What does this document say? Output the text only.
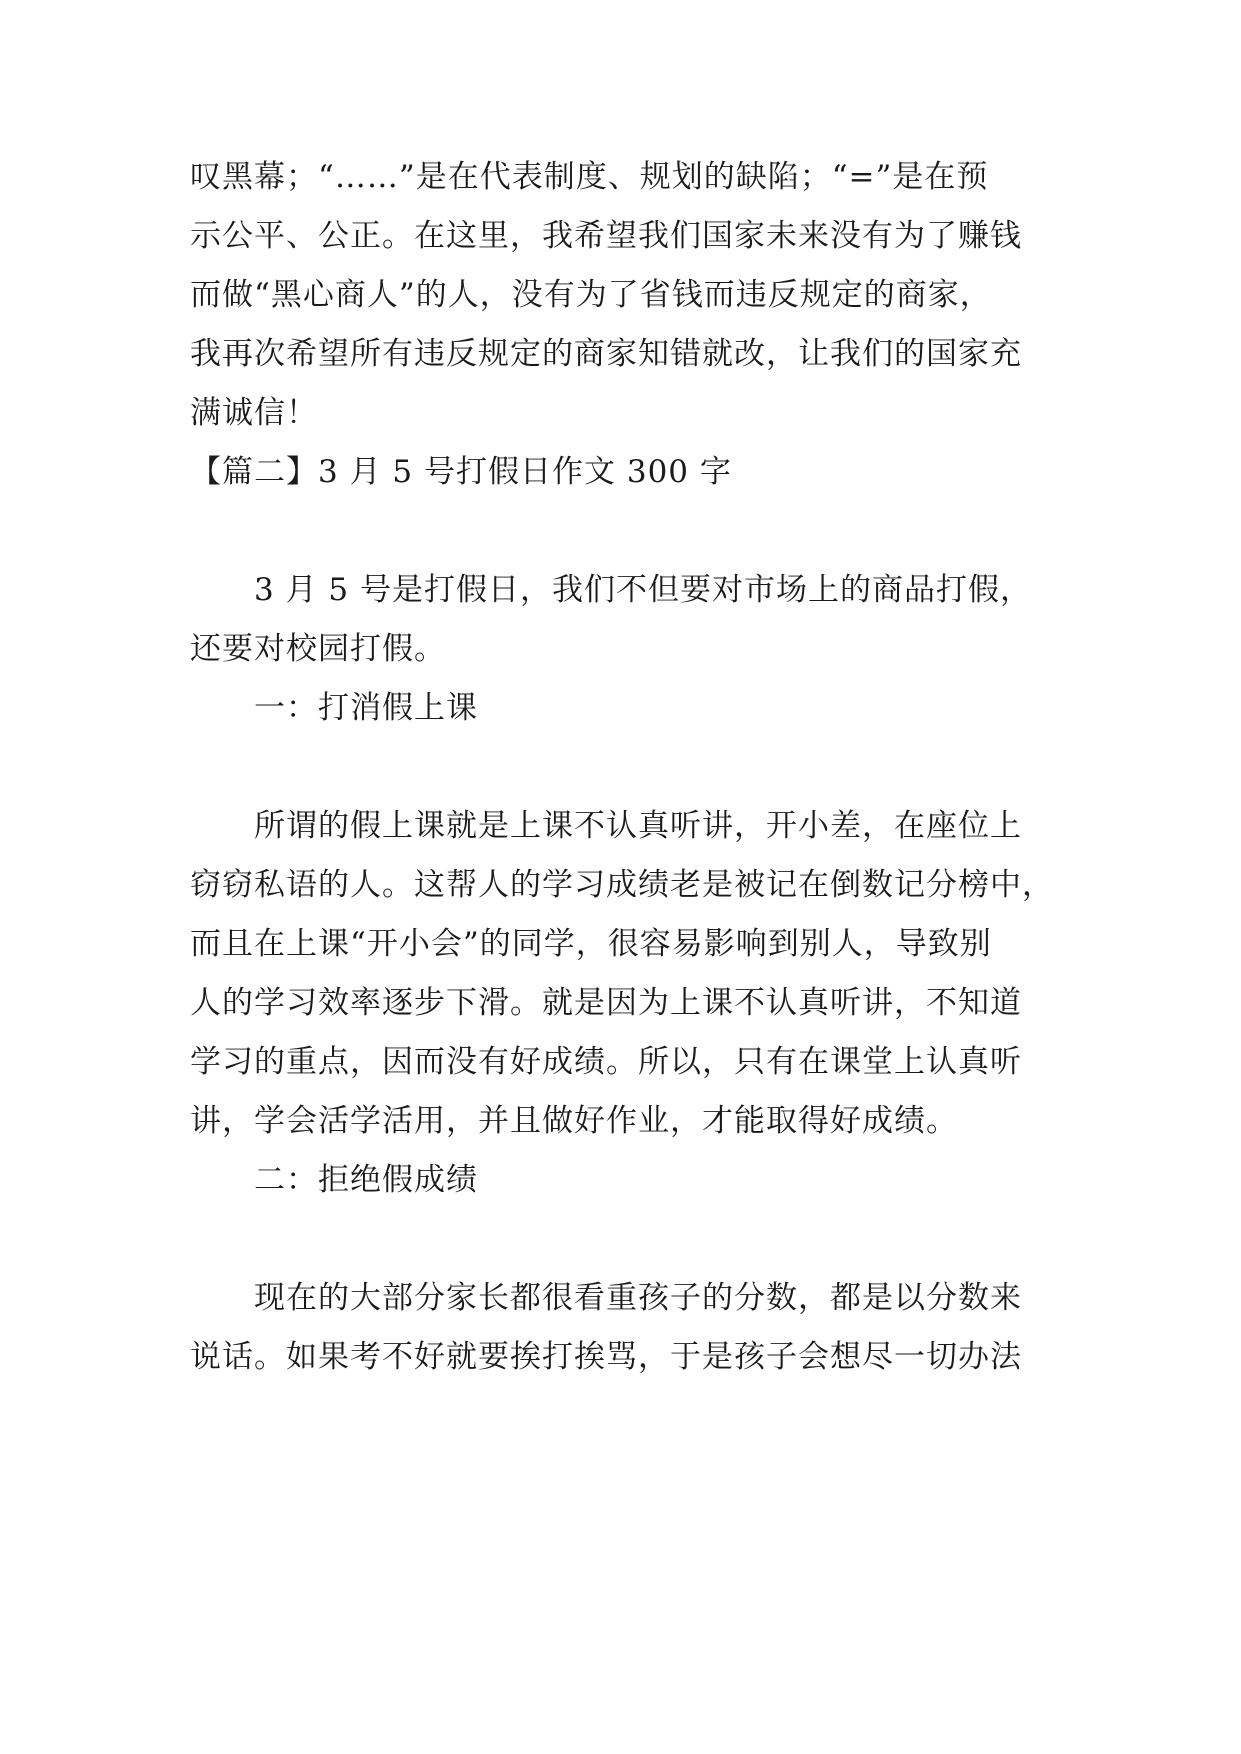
叹黑幕；“……”是在代表制度、规划的缺陷；“=”是在预
示公平、公正。在这里，我希望我们国家未来没有为了赚钱
而做“黑心商人”的人，没有为了省钱而违反规定的商家，
我再次希望所有违反规定的商家知错就改，让我们的国家充
满诚信！
【篇二】3 月 5 号打假日作文 300 字
3 月 5 号是打假日，我们不但要对市场上的商品打假，
还要对校园打假。
一：打消假上课
所谓的假上课就是上课不认真听讲，开小差，在座位上
窃窃私语的人。这帮人的学习成绩老是被记在倒数记分榜中，
而且在上课“开小会”的同学，很容易影响到别人，导致别
人的学习效率逐步下滑。就是因为上课不认真听讲，不知道
学习的重点，因而没有好成绩。所以，只有在课堂上认真听
讲，学会活学活用，并且做好作业，才能取得好成绩。
二：拒绝假成绩
现在的大部分家长都很看重孩子的分数，都是以分数来
说话。如果考不好就要挨打挨骂，于是孩子会想尽一切办法
